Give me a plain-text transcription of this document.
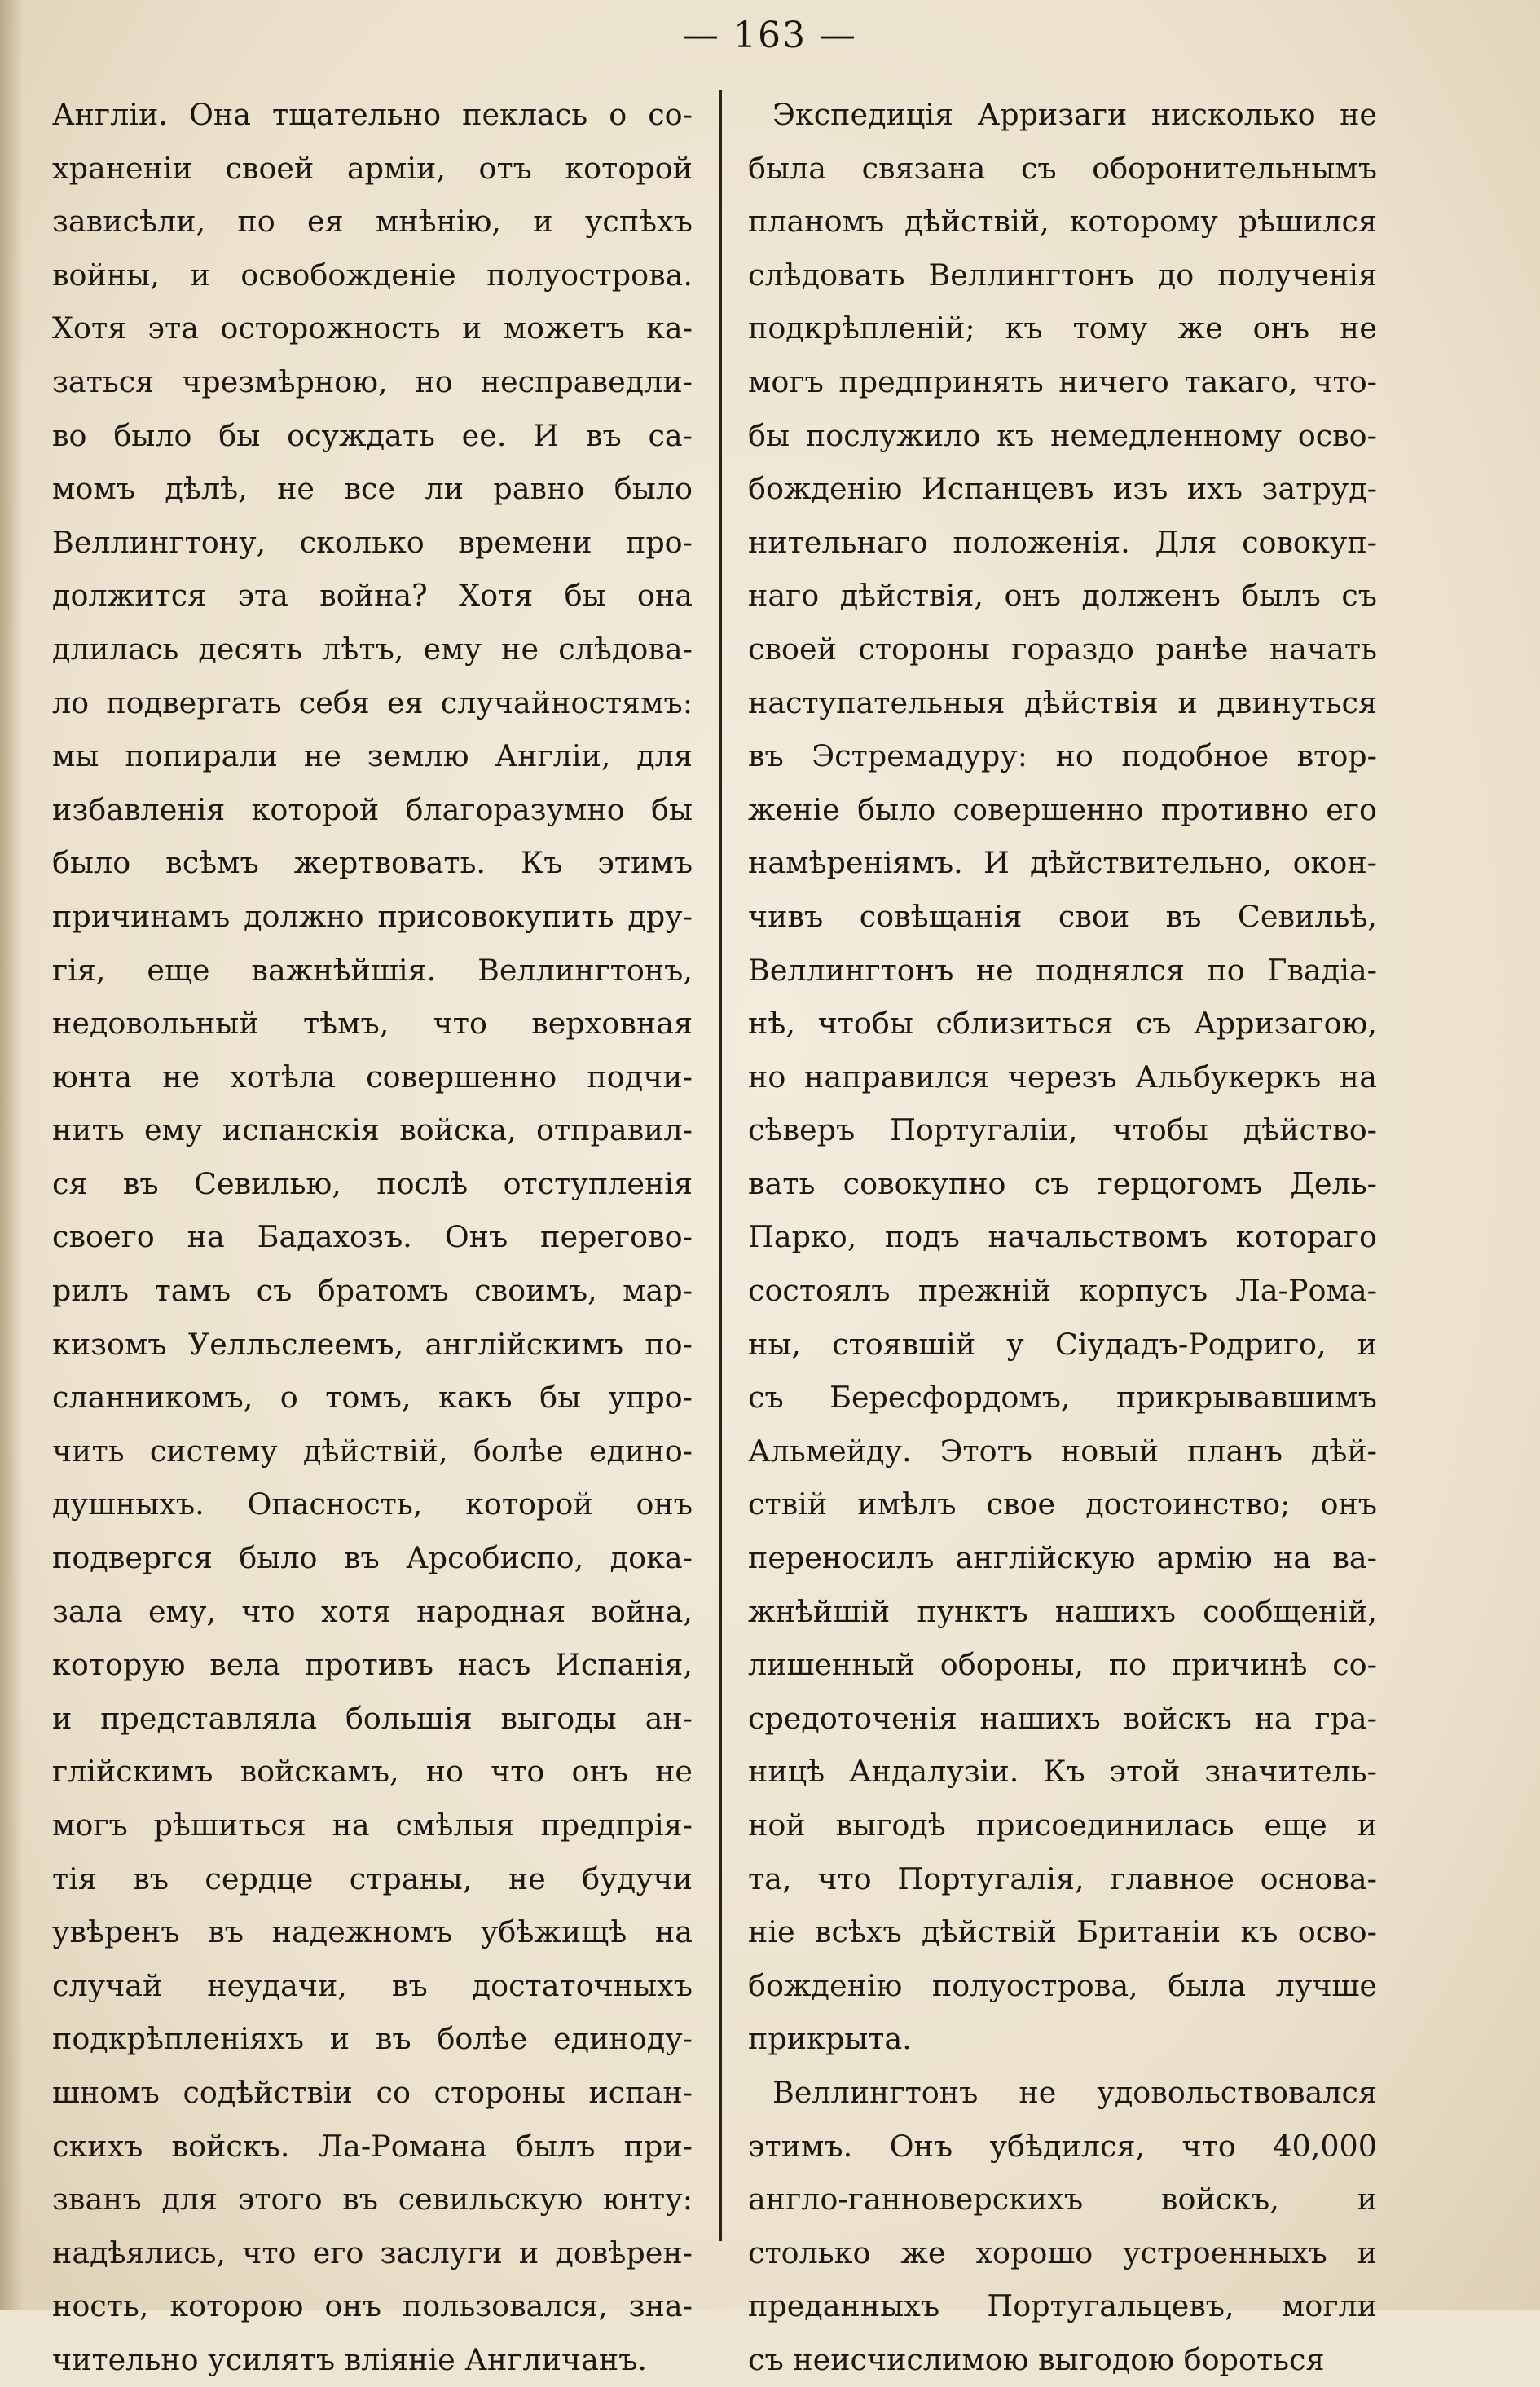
— 163 —
Англіи. Она тщательно пеклась о со-
храненіи своей арміи, отъ которой
зависѣли, по ея мнѣнію, и успѣхъ
войны, и освобожденіе полуострова.
Хотя эта осторожность и можетъ ка-
заться чрезмѣрною, но несправедли-
во было бы осуждать ее. И въ са-
момъ дѣлѣ, не все ли равно было
Веллингтону, сколько времени про-
должится эта война? Хотя бы она
длилась десять лѣтъ, ему не слѣдова-
ло подвергать себя ея случайностямъ:
мы попирали не землю Англіи, для
избавленія которой благоразумно бы
было всѣмъ жертвовать. Къ этимъ
причинамъ должно присовокупить дру-
гія, еще важнѣйшія. Веллингтонъ,
недовольный тѣмъ, что верховная
юнта не хотѣла совершенно подчи-
нить ему испанскія войска, отправил-
ся въ Севилью, послѣ отступленія
своего на Бадахозъ. Онъ перегово-
рилъ тамъ съ братомъ своимъ, мар-
кизомъ Уелльслеемъ, англійскимъ по-
сланникомъ, о томъ, какъ бы упро-
чить систему дѣйствій, болѣе едино-
душныхъ. Опасность, которой онъ
подвергся было въ Арсобиспо, дока-
зала ему, что хотя народная война,
которую вела противъ насъ Испанія,
и представляла большія выгоды ан-
глійскимъ войскамъ, но что онъ не
могъ рѣшиться на смѣлыя предпрія-
тія въ сердце страны, не будучи
увѣренъ въ надежномъ убѣжищѣ на
случай неудачи, въ достаточныхъ
подкрѣпленіяхъ и въ болѣе единоду-
шномъ содѣйствіи со стороны испан-
скихъ войскъ. Ла-Романа былъ при-
званъ для этого въ севильскую юнту:
надѣялись, что его заслуги и довѣрен-
ность, которою онъ пользовался, зна-
чительно усилятъ вліяніе Англичанъ.
Экспедиція Арризаги нисколько не
была связана съ оборонительнымъ
планомъ дѣйствій, которому рѣшился
слѣдовать Веллингтонъ до полученія
подкрѣпленій; къ тому же онъ не
могъ предпринять ничего такаго, что-
бы послужило къ немедленному осво-
божденію Испанцевъ изъ ихъ затруд-
нительнаго положенія. Для совокуп-
наго дѣйствія, онъ долженъ былъ съ
своей стороны гораздо ранѣе начать
наступательныя дѣйствія и двинуться
въ Эстремадуру: но подобное втор-
женіе было совершенно противно его
намѣреніямъ. И дѣйствительно, окон-
чивъ совѣщанія свои въ Севильѣ,
Веллингтонъ не поднялся по Гвадіа-
нѣ, чтобы сблизиться съ Арризагою,
но направился черезъ Альбукеркъ на
сѣверъ Португаліи, чтобы дѣйство-
вать совокупно съ герцогомъ Дель-
Парко, подъ начальствомъ котораго
состоялъ прежній корпусъ Ла-Рома-
ны, стоявшій у Сіудадъ-Родриго, и
съ Бересфордомъ, прикрывавшимъ
Альмейду. Этотъ новый планъ дѣй-
ствій имѣлъ свое достоинство; онъ
переносилъ англійскую армію на ва-
жнѣйшій пунктъ нашихъ сообщеній,
лишенный обороны, по причинѣ со-
средоточенія нашихъ войскъ на гра-
ницѣ Андалузіи. Къ этой значитель-
ной выгодѣ присоединилась еще и
та, что Португалія, главное основа-
ніе всѣхъ дѣйствій Британіи къ осво-
божденію полуострова, была лучше
прикрыта.
Веллингтонъ не удовольствовался
этимъ. Онъ убѣдился, что 40,000
англо-ганноверскихъ войскъ, и
столько же хорошо устроенныхъ и
преданныхъ Португальцевъ, могли
съ неисчислимою выгодою бороться
